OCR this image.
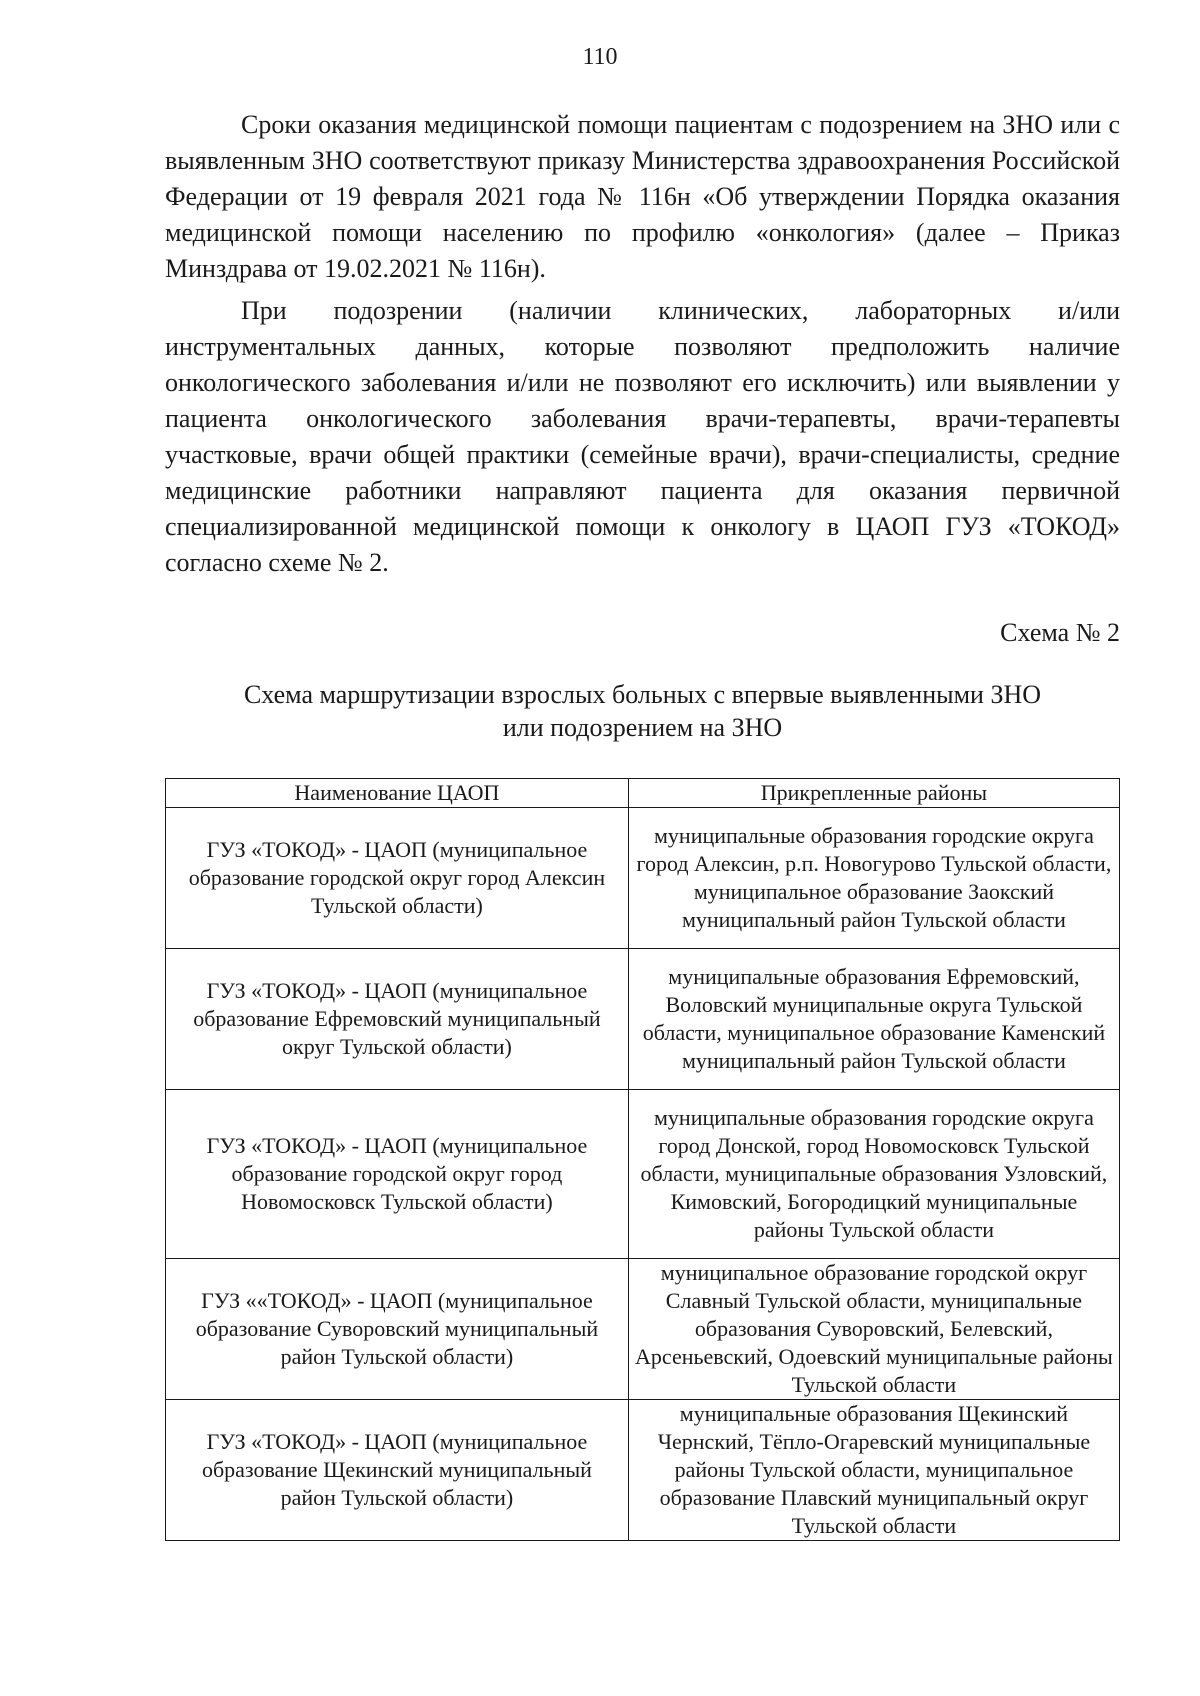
110

Сроки оказания медицинской помощи пациентам с подозрением на ЗНО или с выявленным ЗНО соответствуют приказу Министерства здравоохранения Российской Федерации от 19 февраля 2021 года № 116н «Об утверждении Порядка оказания медицинской помощи населению по профилю «онкология» (далее – Приказ Минздрава от 19.02.2021 № 116н).

При подозрении (наличии клинических, лабораторных и/или инструментальных данных, которые позволяют предположить наличие онкологического заболевания и/или не позволяют его исключить) или выявлении у пациента онкологического заболевания врачи-терапевты, врачи-терапевты участковые, врачи общей практики (семейные врачи), врачи-специалисты, средние медицинские работники направляют пациента для оказания первичной специализированной медицинской помощи к онкологу в ЦАОП ГУЗ «ТОКОД» согласно схеме № 2.

Схема № 2

Схема маршрутизации взрослых больных с впервые выявленными ЗНО
или подозрением на ЗНО

Наименование ЦАОП	Прикрепленные районы
ГУЗ «ТОКОД» - ЦАОП (муниципальное образование городской округ город Алексин Тульской области)	муниципальные образования городские округа город Алексин, р.п. Новогурово Тульской области, муниципальное образование Заокский муниципальный район Тульской области
ГУЗ «ТОКОД» - ЦАОП (муниципальное образование Ефремовский муниципальный округ Тульской области)	муниципальные образования Ефремовский, Воловский муниципальные округа Тульской области, муниципальное образование Каменский муниципальный район Тульской области
ГУЗ «ТОКОД» - ЦАОП (муниципальное образование городской округ город Новомосковск Тульской области)	муниципальные образования городские округа город Донской, город Новомосковск Тульской области, муниципальные образования Узловский, Кимовский, Богородицкий муниципальные районы Тульской области
ГУЗ ««ТОКОД» - ЦАОП (муниципальное образование Суворовский муниципальный район Тульской области)	муниципальное образование городской округ Славный Тульской области, муниципальные образования Суворовский, Белевский, Арсеньевский, Одоевский муниципальные районы Тульской области
ГУЗ «ТОКОД» - ЦАОП (муниципальное образование Щекинский муниципальный район Тульской области)	муниципальные образования Щекинский Чернский, Тёпло-Огаревский муниципальные районы Тульской области, муниципальное образование Плавский муниципальный округ Тульской области
